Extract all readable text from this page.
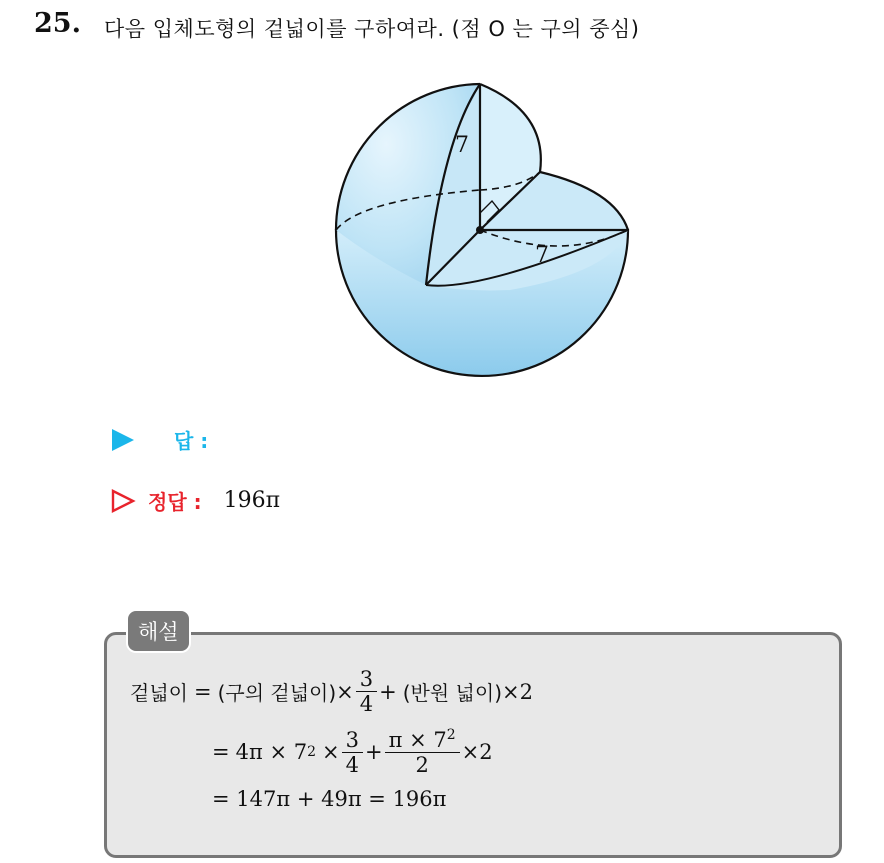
25. 다음 입체도형의 겉넓이를 구하여라. (점 O 는 구의 중심)
7
7
답 :
정답 : 196π
해설
겉넓이 = (구의 겉넓이) × $\frac{3}{4}$ + (반원 넓이) × 2
= 4π × 7 $2 \times \frac{3}{4} + \frac{\pi \times 7^2}{2} \times 2$
= 147π + 49π = 196π
